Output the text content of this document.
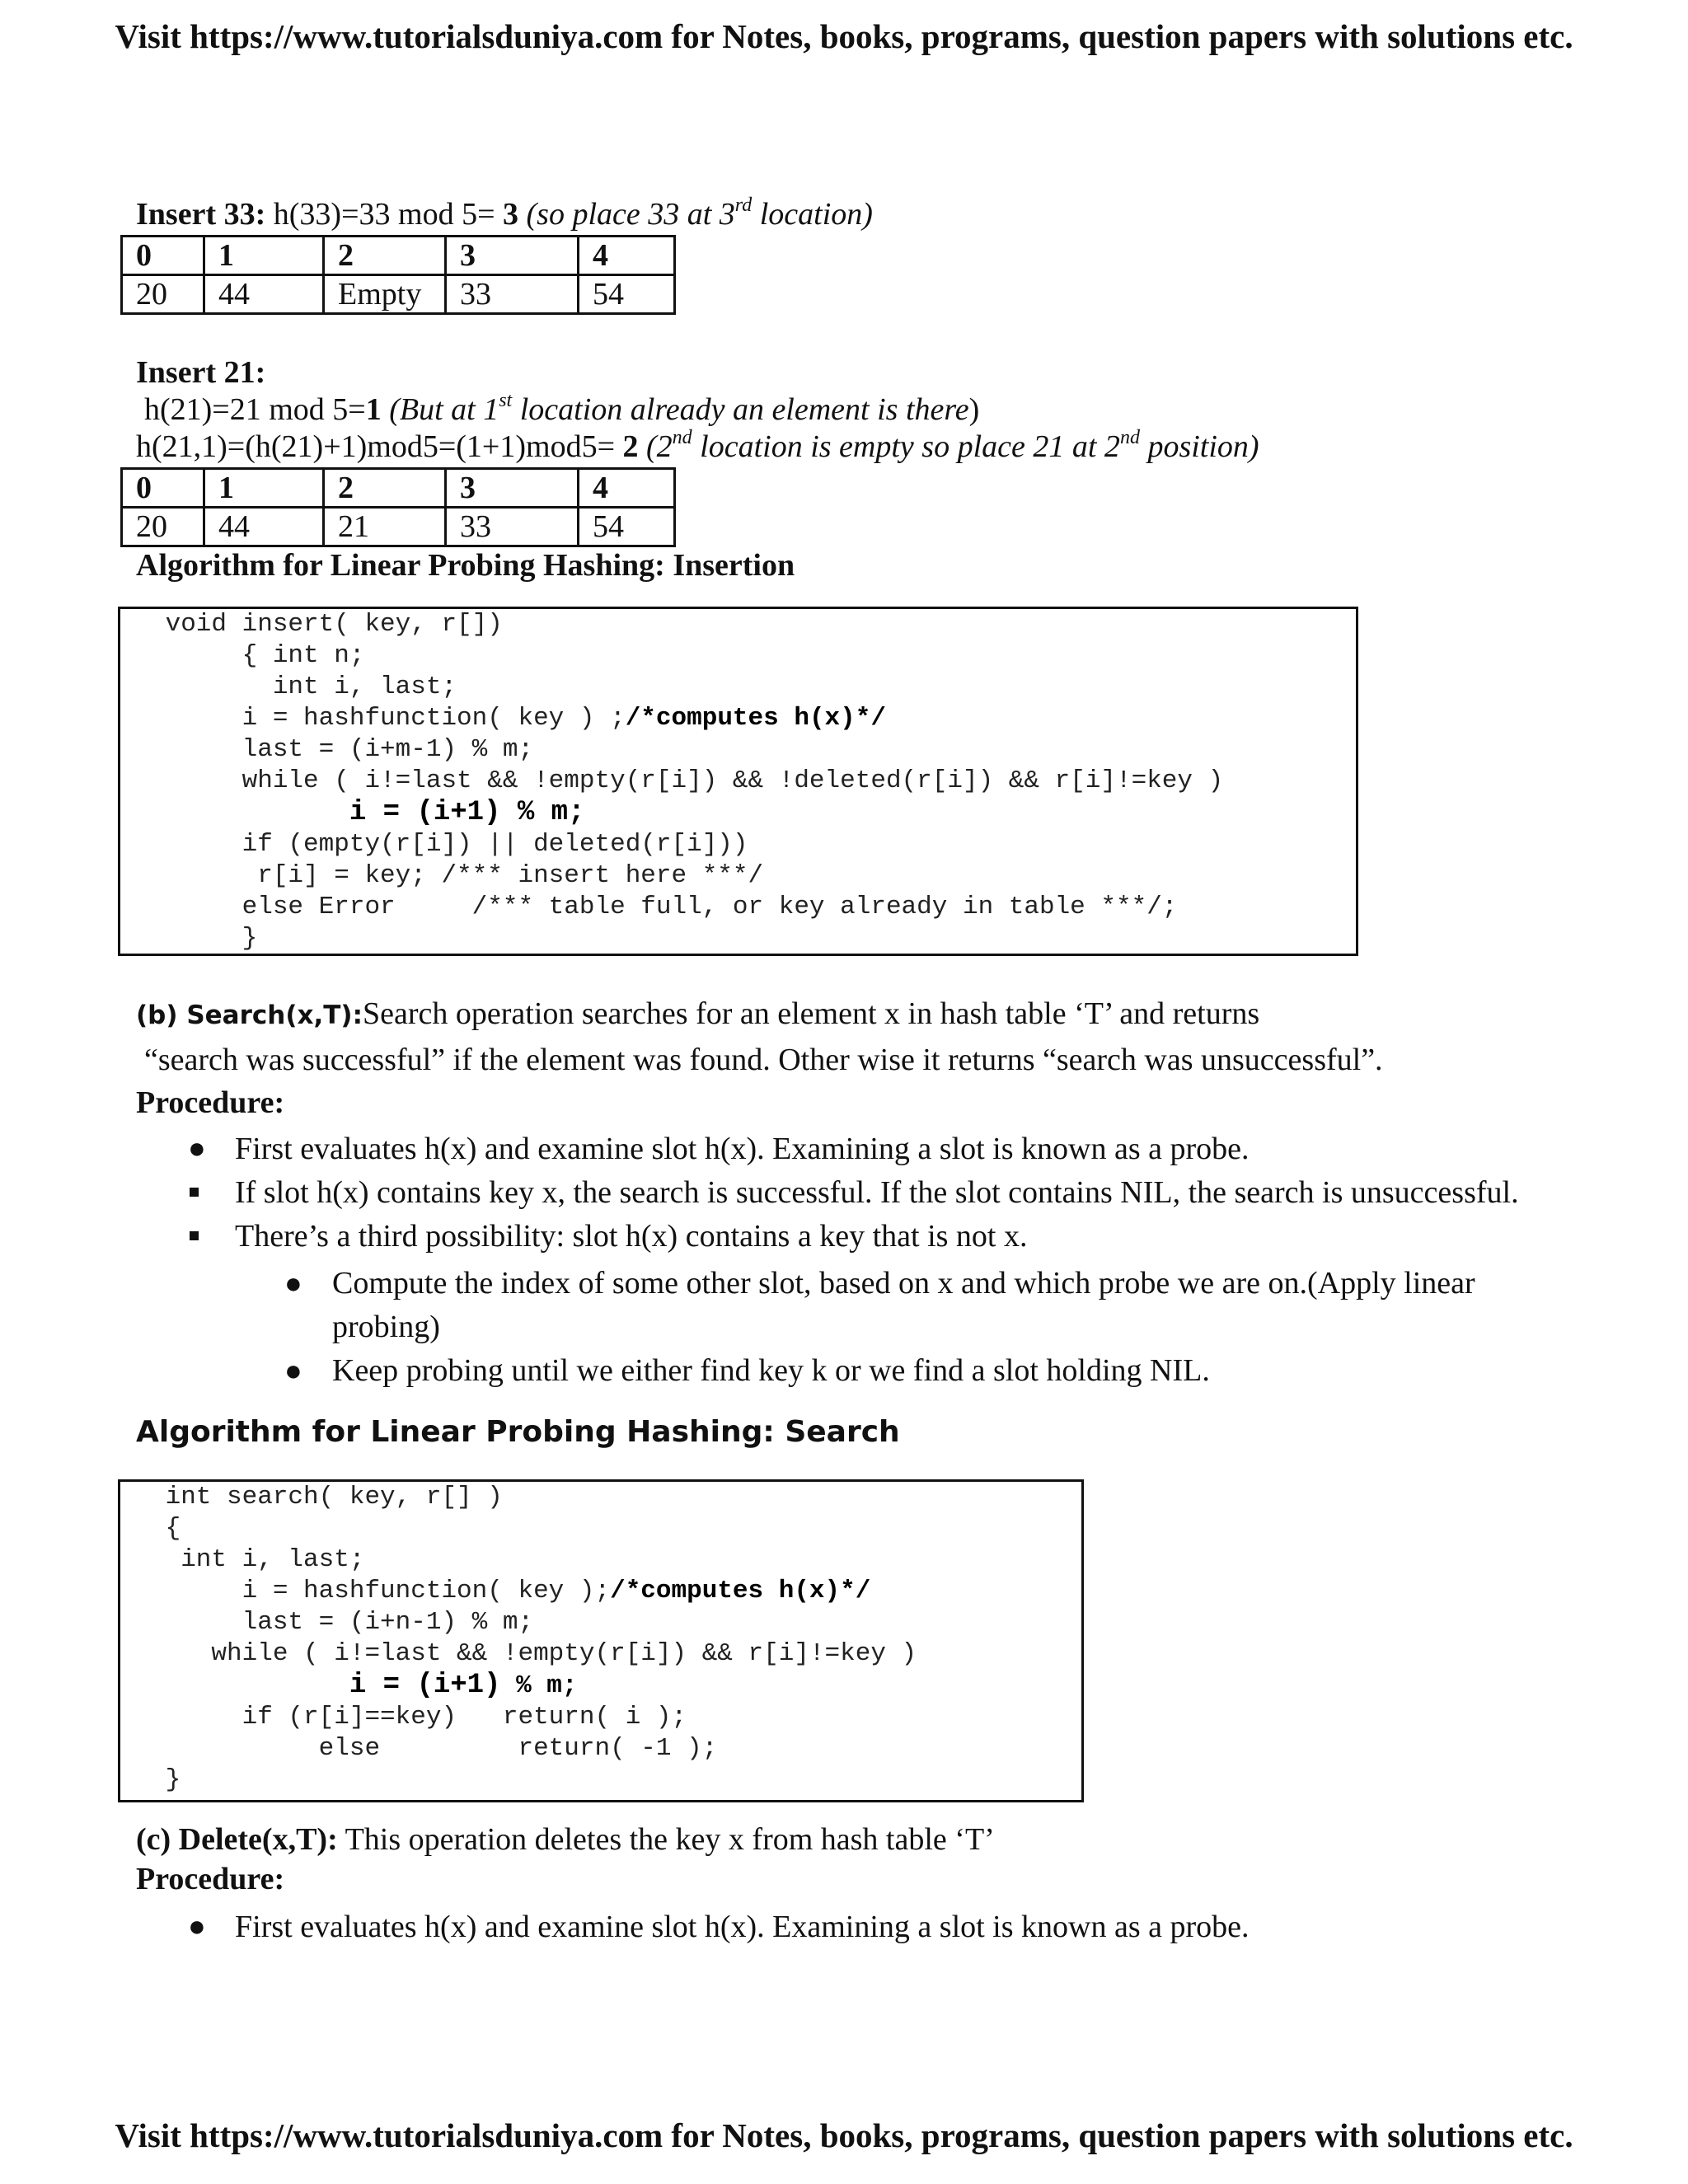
Visit https://www.tutorialsduniya.com for Notes, books, programs, question papers with solutions etc.
Insert 33: h(33)=33 mod 5= 3 (so place 33 at 3rd location)
0	1	2	3	4
20	44	Empty	33	54
Insert 21:
h(21)=21 mod 5=1 (But at 1st location already an element is there)
h(21,1)=(h(21)+1)mod5=(1+1)mod5= 2 (2nd location is empty so place 21 at 2nd position)
0	1	2	3	4
20	44	21	33	54
Algorithm for Linear Probing Hashing: Insertion
void insert( key, r[])
{ int n;
int i, last;
i = hashfunction( key ) ;/*computes h(x)*/
last = (i+m-1) % m;
while ( i!=last && !empty(r[i]) && !deleted(r[i]) && r[i]!=key )
i = (i+1) % m;
if (empty(r[i]) || deleted(r[i]))
r[i] = key; /*** insert here ***/
else Error     /*** table full, or key already in table ***/;
}
(b) Search(x,T):Search operation searches for an element x in hash table ‘T’ and returns
“search was successful” if the element was found. Other wise it returns “search was unsuccessful”.
Procedure:
● First evaluates h(x) and examine slot h(x). Examining a slot is known as a probe.
If slot h(x) contains key x, the search is successful. If the slot contains NIL, the search is unsuccessful.
There’s a third possibility: slot h(x) contains a key that is not x.
● Compute the index of some other slot, based on x and which probe we are on.(Apply linear
probing)
● Keep probing until we either find key k or we find a slot holding NIL.
Algorithm for Linear Probing Hashing: Search
int search( key, r[] )
{
int i, last;
i = hashfunction( key );/*computes h(x)*/
last = (i+n-1) % m;
while ( i!=last && !empty(r[i]) && r[i]!=key )
i = (i+1) % m;
if (r[i]==key)   return( i );
else         return( -1 );
}
(c) Delete(x,T): This operation deletes the key x from hash table ‘T’
Procedure:
● First evaluates h(x) and examine slot h(x). Examining a slot is known as a probe.
Visit https://www.tutorialsduniya.com for Notes, books, programs, question papers with solutions etc.
